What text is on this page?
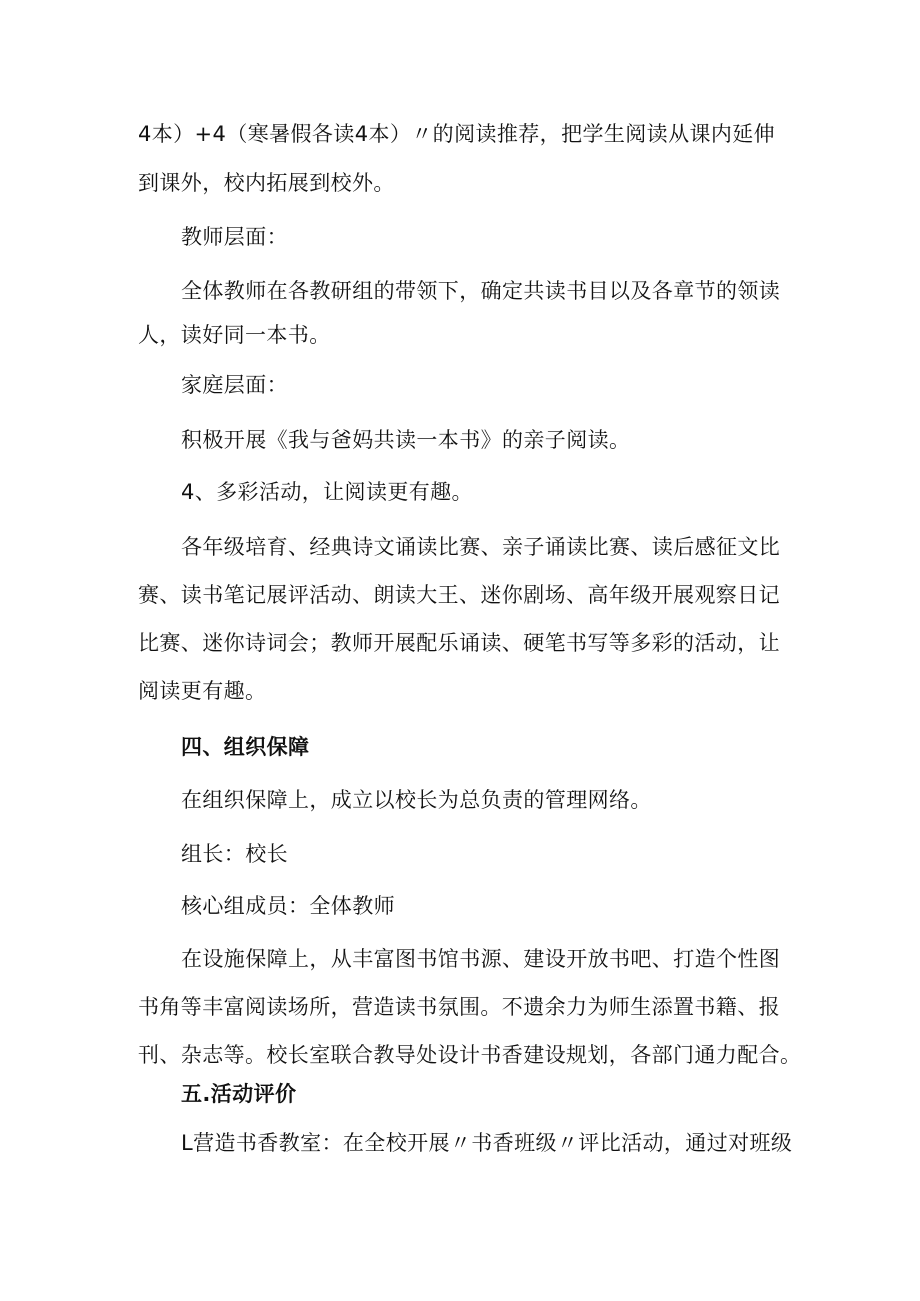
4本）+4（寒暑假各读4本）〃的阅读推荐，把学生阅读从课内延伸
到课外，校内拓展到校外。
教师层面：
全体教师在各教研组的带领下，确定共读书目以及各章节的领读
人，读好同一本书。
家庭层面：
积极开展《我与爸妈共读一本书》的亲子阅读。
4、多彩活动，让阅读更有趣。
各年级培育、经典诗文诵读比赛、亲子诵读比赛、读后感征文比
赛、读书笔记展评活动、朗读大王、迷你剧场、高年级开展观察日记
比赛、迷你诗词会；教师开展配乐诵读、硬笔书写等多彩的活动，让
阅读更有趣。
四、组织保障
在组织保障上，成立以校长为总负责的管理网络。
组长：校长
核心组成员：全体教师
在设施保障上，从丰富图书馆书源、建设开放书吧、打造个性图
书角等丰富阅读场所，营造读书氛围。不遗余力为师生添置书籍、报
刊、杂志等。校长室联合教导处设计书香建设规划，各部门通力配合。
五.活动评价
L营造书香教室：在全校开展〃书香班级〃评比活动，通过对班级
